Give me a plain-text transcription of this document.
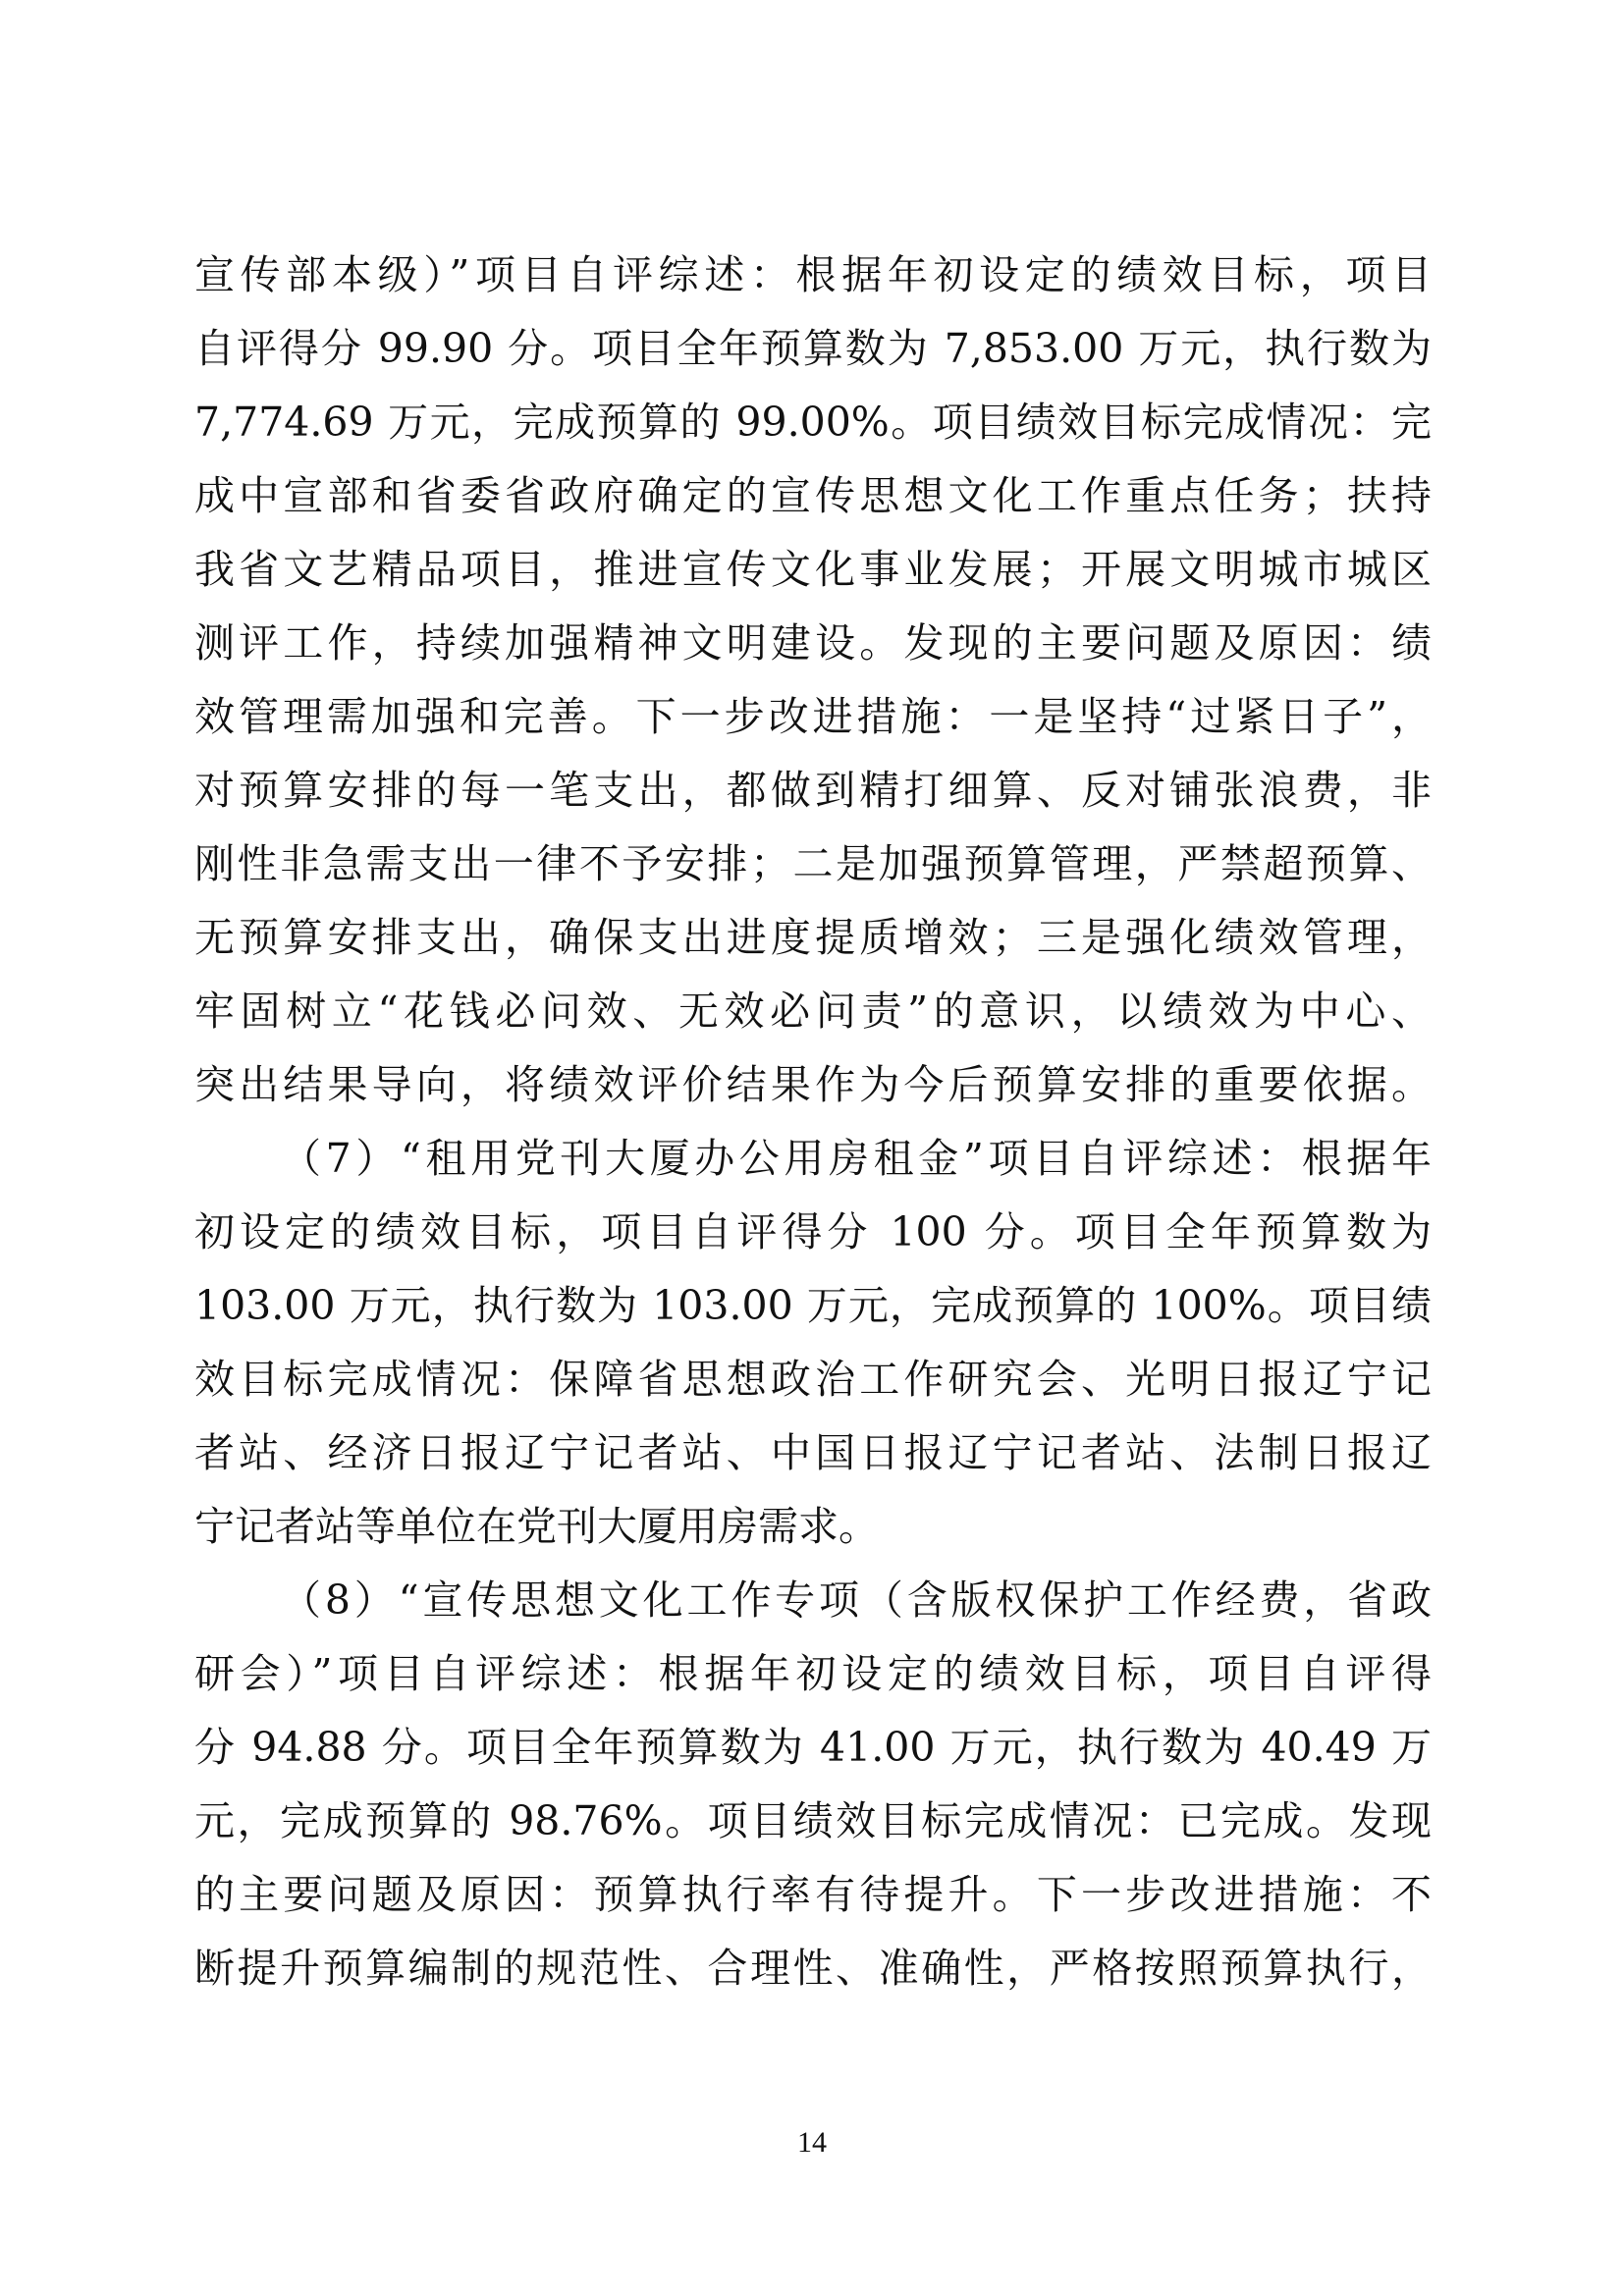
宣传部本级）”项目自评综述：根据年初设定的绩效目标，项目
自评得分 99.90 分。项目全年预算数为 7,853.00 万元，执行数为
7,774.69 万元，完成预算的 99.00%。项目绩效目标完成情况：完
成中宣部和省委省政府确定的宣传思想文化工作重点任务；扶持
我省文艺精品项目，推进宣传文化事业发展；开展文明城市城区
测评工作，持续加强精神文明建设。发现的主要问题及原因：绩
效管理需加强和完善。下一步改进措施：一是坚持“过紧日子”，
对预算安排的每一笔支出，都做到精打细算、反对铺张浪费，非
刚性非急需支出一律不予安排；二是加强预算管理，严禁超预算、
无预算安排支出，确保支出进度提质增效；三是强化绩效管理，
牢固树立“花钱必问效、无效必问责”的意识，以绩效为中心、
突出结果导向，将绩效评价结果作为今后预算安排的重要依据。
（7）“租用党刊大厦办公用房租金”项目自评综述：根据年
初设定的绩效目标，项目自评得分 100 分。项目全年预算数为
103.00 万元，执行数为 103.00 万元，完成预算的 100%。项目绩
效目标完成情况：保障省思想政治工作研究会、光明日报辽宁记
者站、经济日报辽宁记者站、中国日报辽宁记者站、法制日报辽
宁记者站等单位在党刊大厦用房需求。
（8）“宣传思想文化工作专项（含版权保护工作经费，省政
研会）”项目自评综述：根据年初设定的绩效目标，项目自评得
分 94.88 分。项目全年预算数为 41.00 万元，执行数为 40.49 万
元，完成预算的 98.76%。项目绩效目标完成情况：已完成。发现
的主要问题及原因：预算执行率有待提升。下一步改进措施：不
断提升预算编制的规范性、合理性、准确性，严格按照预算执行，
14
